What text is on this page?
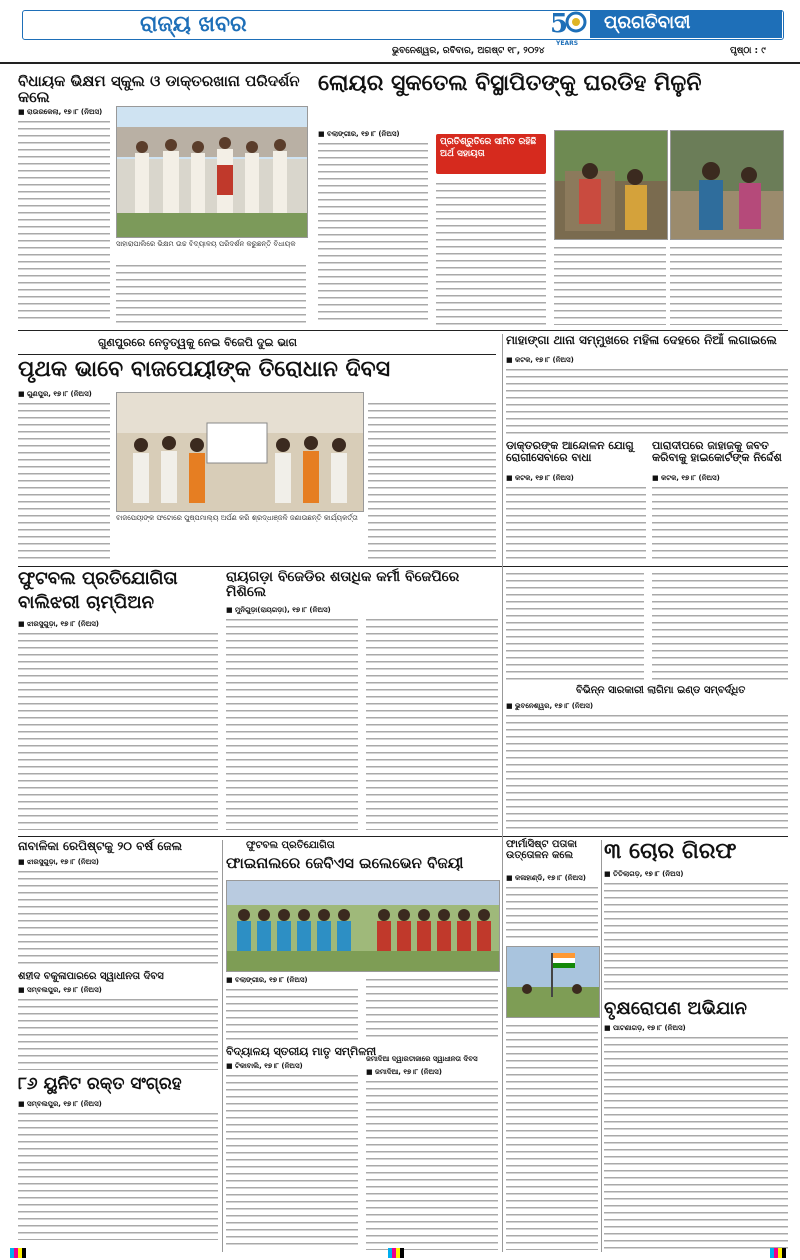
ରାଜ୍ୟ ଖବର
ଭୁବନେଶ୍ୱର, ରବିବାର, ଅଗଷ୍ଟ ୧୮, ୨୦୨୪
5
YEARS
ପ୍ରଗତିବାଦୀ
ପୃଷ୍ଠା : ୯
ବିଧାୟକ ଭିକ୍ଷମ ସ୍କୁଲ ଓ ଡାକ୍ତରଖାନା ପରିଦର୍ଶନ କଲେ
■ ରାଉରକେଲା, ୧୭।୮ (ନିଅସ)
ସାହାରାପାଲିରେ ଭିକ୍ଷମ ଉଚ୍ଚ ବିଦ୍ୟାଳୟ ପରିଦର୍ଶନ କରୁଛନ୍ତି ବିଧାୟକ
ଲୋୟର ସୁକତେଲ ବିସ୍ଥାପିତଙ୍କୁ ଘରଡିହ ମିଳୁନି
■ ବଲାଙ୍ଗୀର, ୧୭।୮ (ନିଅସ)
ପ୍ରତିଶ୍ରୁତିରେ ସୀମିତ ରହିଛି ଅର୍ଥ ସହାୟତା
ଗୁଣପୁରରେ ନେତୃତ୍ୱକୁ ନେଇ ବିଜେପି ଦୁଇ ଭାଗ
ପୃଥକ ଭାବେ ବାଜପେୟୀଙ୍କ ତିରୋଧାନ ଦିବସ
■ ଗୁଣପୁର, ୧୭।୮ (ନିଅସ)
ବାଜପେୟୀଙ୍କ ଫଟୋରେ ପୁଷ୍ପମାଲ୍ୟ ଅର୍ପଣ କରି ଶ୍ରଦ୍ଧାଞ୍ଜଳି ଜଣାଉଛନ୍ତି କାର୍ଯ୍ୟକର୍ତ୍ତା
ମାହାଙ୍ଗା ଥାନା ସମ୍ମୁଖରେ ମହିଳା ଦେହରେ ନିଆଁ ଲଗାଇଲେ
■ କଟକ, ୧୭।୮ (ନିଅସ)
ଡାକ୍ତରଙ୍କ ଆନ୍ଦୋଳନ ଯୋଗୁ ରୋଗୀସେବାରେ ବାଧା
■ କଟକ, ୧୭।୮ (ନିଅସ)
ପାରାଦୀପରେ ଜାହାଜକୁ ଜବତ କରିବାକୁ ହାଇକୋର୍ଟଙ୍କ ନିର୍ଦ୍ଦେଶ
■ କଟକ, ୧୭।୮ (ନିଅସ)
ଫୁଟବଲ ପ୍ରତିଯୋଗିତା
ବାଲିଝରୀ ଚାମ୍ପିଅନ
■ ଝାରସୁଗୁଡ଼ା, ୧୭।୮ (ନିଅସ)
ରାୟଗଡ଼ା ବିଜେଡିର ଶତାଧିକ କର୍ମୀ ବିଜେପିରେ ମିଶିଲେ
■ ମୁନିଗୁଡ଼ା(ରାୟଗଡ଼ା), ୧୭।୮ (ନିଅସ)
ବିଭିନ୍ନ ସାରକାରୀ ଲାଗିମା ଇଣ୍ଡ ସମ୍ବର୍ଦ୍ଧିତ
■ ଭୁବନେଶ୍ୱର, ୧୭।୮ (ନିଅସ)
ନାବାଳିକା ରେପିଷ୍ଟକୁ ୨୦ ବର୍ଷ ଜେଲ
■ ଝାରସୁଗୁଡ଼ା, ୧୭।୮ (ନିଅସ)
ଶହୀଦ ବକୁଳାପାରରେ ସ୍ୱାଧୀନତା ଦିବସ
■ ସମ୍ବଲପୁର, ୧୭।୮ (ନିଅସ)
୮୬ ୟୁନିଟ ରକ୍ତ ସଂଗ୍ରହ
■ ସମ୍ବଲପୁର, ୧୭।୮ (ନିଅସ)
ଫୁଟବଲ ପ୍ରତିଯୋଗିତା
ଫାଇନାଲରେ ଜେବିଏସ ଇଲେଭେନ ବିଜୟୀ
■ ବଲାଙ୍ଗୀର, ୧୭।୮ (ନିଅସ)
ବିଦ୍ୟାଳୟ ସ୍ତରୀୟ ମାତୃ ସମ୍ମିଳନୀ
■ ଟିକାବାଲି, ୧୭।୮ (ନିଅସ)
ଜମାଦିଆ ଦ୍ୱାରତୀଜାରେ ସ୍ୱାଧୀନତା ଦିବସ
■ ଜମାଦିଆ, ୧୭।୮ (ନିଅସ)
ଫାର୍ମାସିଷ୍ଟ ପତାକା ଉତ୍ତୋଳନ କଲେ
■ କଳାହାଣ୍ଡି, ୧୭।୮ (ନିଅସ)
୩ ଚୋର ଗିରଫ
■ ତିତିଲାଗଡ଼, ୧୭।୮ (ନିଅସ)
ବୃକ୍ଷରୋପଣ ଅଭିଯାନ
■ ପାଟଣାଗଡ଼, ୧୭।୮ (ନିଅସ)
